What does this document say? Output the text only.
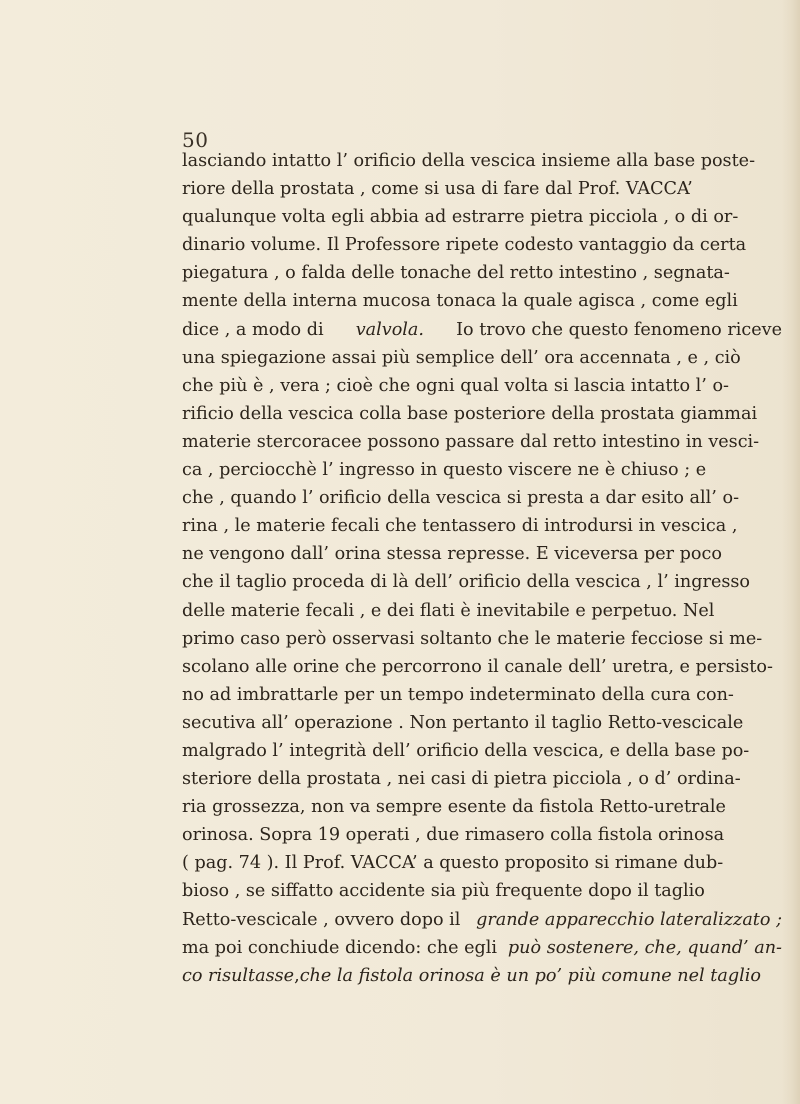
50
lasciando intatto l’ orificio della vescica insieme alla base poste-
riore della prostata , come si usa di fare dal Prof. VACCA’
qualunque volta egli abbia ad estrarre pietra picciola , o di or-
dinario volume. Il Professore ripete codesto vantaggio da certa
piegatura , o falda delle tonache del retto intestino , segnata-
mente della interna mucosa tonaca la quale agisca , come egli
dice , a modo di valvola. Io trovo che questo fenomeno riceve
una spiegazione assai più semplice dell’ ora accennata , e , ciò
che più è , vera ; cioè che ogni qual volta si lascia intatto l’ o-
rificio della vescica colla base posteriore della prostata giammai
materie stercoracee possono passare dal retto intestino in vesci-
ca , perciocchè l’ ingresso in questo viscere ne è chiuso ; e
che , quando l’ orificio della vescica si presta a dar esito all’ o-
rina , le materie fecali che tentassero di introdursi in vescica ,
ne vengono dall’ orina stessa represse. E viceversa per poco
che il taglio proceda di là dell’ orificio della vescica , l’ ingresso
delle materie fecali , e dei flati è inevitabile e perpetuo. Nel
primo caso però osservasi soltanto che le materie fecciose si me-
scolano alle orine che percorrono il canale dell’ uretra, e persisto-
no ad imbrattarle per un tempo indeterminato della cura con-
secutiva all’ operazione . Non pertanto il taglio Retto-vescicale
malgrado l’ integrità dell’ orificio della vescica, e della base po-
steriore della prostata , nei casi di pietra picciola , o d’ ordina-
ria grossezza, non va sempre esente da fistola Retto-uretrale
orinosa. Sopra 19 operati , due rimasero colla fistola orinosa
( pag. 74 ). Il Prof. VACCA’ a questo proposito si rimane dub-
bioso , se siffatto accidente sia più frequente dopo il taglio
Retto-vescicale , ovvero dopo il grande apparecchio lateralizzato ;
ma poi conchiude dicendo: che egli può sostenere, che, quand’ an-
co risultasse , che la fistola orinosa è un po’ più comune nel taglio
